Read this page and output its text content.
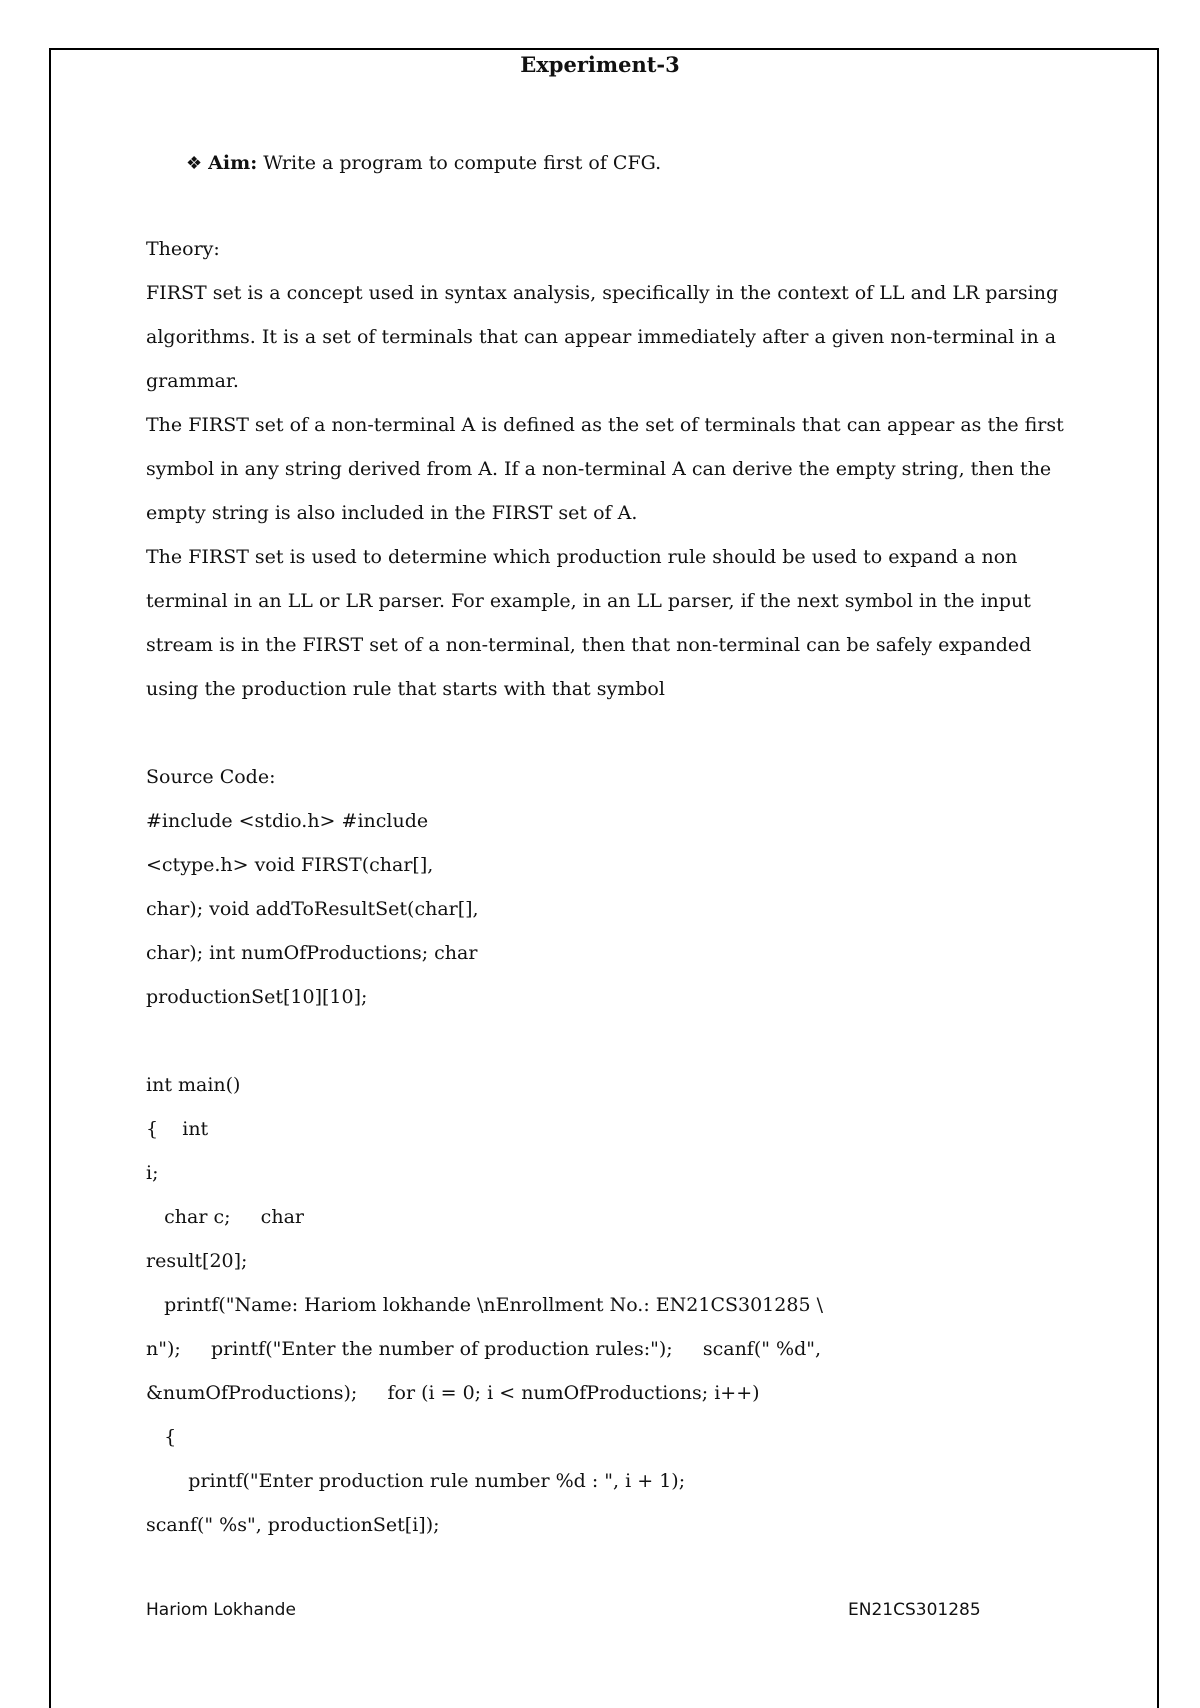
Experiment-3
❖ Aim: Write a program to compute first of CFG.
Theory:
FIRST set is a concept used in syntax analysis, specifically in the context of LL and LR parsing
algorithms. It is a set of terminals that can appear immediately after a given non-terminal in a
grammar.
The FIRST set of a non-terminal A is defined as the set of terminals that can appear as the first
symbol in any string derived from A. If a non-terminal A can derive the empty string, then the
empty string is also included in the FIRST set of A.
The FIRST set is used to determine which production rule should be used to expand a non
terminal in an LL or LR parser. For example, in an LL parser, if the next symbol in the input
stream is in the FIRST set of a non-terminal, then that non-terminal can be safely expanded
using the production rule that starts with that symbol
Source Code:
#include <stdio.h> #include
<ctype.h> void FIRST(char[],
char); void addToResultSet(char[],
char); int numOfProductions; char
productionSet[10][10];
int main()
{    int
i;
char c;     char
result[20];
printf("Name: Hariom lokhande \nEnrollment No.: EN21CS301285 \
n");     printf("Enter the number of production rules:");     scanf(" %d",
&numOfProductions);     for (i = 0; i < numOfProductions; i++)
{
printf("Enter production rule number %d : ", i + 1);
scanf(" %s", productionSet[i]);
Hariom Lokhande	EN21CS301285
